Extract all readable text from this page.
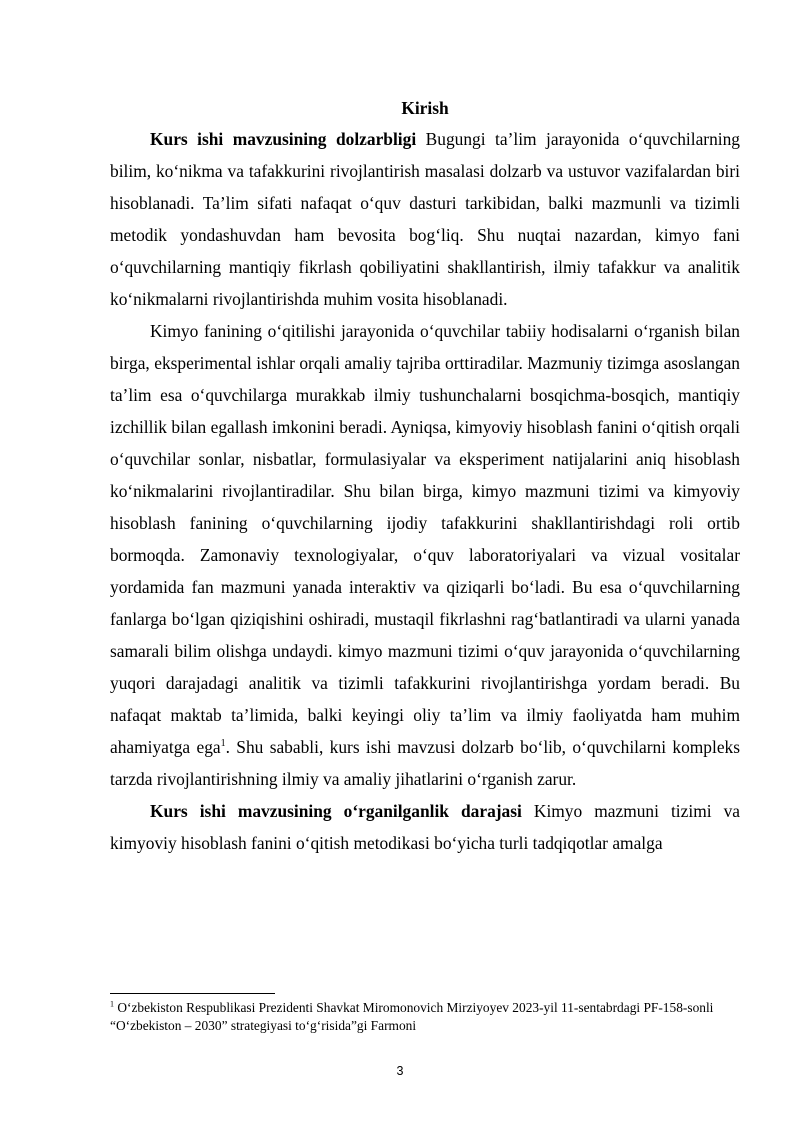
Kirish

Kurs ishi mavzusining dolzarbligi Bugungi ta’lim jarayonida o‘quvchilarning bilim, ko‘nikma va tafakkurini rivojlantirish masalasi dolzarb va ustuvor vazifalardan biri hisoblanadi. Ta’lim sifati nafaqat o‘quv dasturi tarkibidan, balki mazmunli va tizimli metodik yondashuvdan ham bevosita bog‘liq. Shu nuqtai nazardan, kimyo fani o‘quvchilarning mantiqiy fikrlash qobiliyatini shakllantirish, ilmiy tafakkur va analitik ko‘nikmalarni rivojlantirishda muhim vosita hisoblanadi.

Kimyo fanining o‘qitilishi jarayonida o‘quvchilar tabiiy hodisalarni o‘rganish bilan birga, eksperimental ishlar orqali amaliy tajriba orttiradilar. Mazmuniy tizimga asoslangan ta’lim esa o‘quvchilarga murakkab ilmiy tushunchalarni bosqichma-bosqich, mantiqiy izchillik bilan egallash imkonini beradi. Ayniqsa, kimyoviy hisoblash fanini o‘qitish orqali o‘quvchilar sonlar, nisbatlar, formulasiyalar va eksperiment natijalarini aniq hisoblash ko‘nikmalarini rivojlantiradilar. Shu bilan birga, kimyo mazmuni tizimi va kimyoviy hisoblash fanining o‘quvchilarning ijodiy tafakkurini shakllantirishdagi roli ortib bormoqda. Zamonaviy texnologiyalar, o‘quv laboratoriyalari va vizual vositalar yordamida fan mazmuni yanada interaktiv va qiziqarli bo‘ladi. Bu esa o‘quvchilarning fanlarga bo‘lgan qiziqishini oshiradi, mustaqil fikrlashni rag‘batlantiradi va ularni yanada samarali bilim olishga undaydi. kimyo mazmuni tizimi o‘quv jarayonida o‘quvchilarning yuqori darajadagi analitik va tizimli tafakkurini rivojlantirishga yordam beradi. Bu nafaqat maktab ta’limida, balki keyingi oliy ta’lim va ilmiy faoliyatda ham muhim ahamiyatga ega$^1$. Shu sababli, kurs ishi mavzusi dolzarb bo‘lib, o‘quvchilarni kompleks tarzda rivojlantirishning ilmiy va amaliy jihatlarini o‘rganish zarur.

Kurs ishi mavzusining o‘rganilganlik darajasi Kimyo mazmuni tizimi va kimyoviy hisoblash fanini o‘qitish metodikasi bo‘yicha turli tadqiqotlar amalga

$^1$ O‘zbekiston Respublikasi Prezidenti Shavkat Miromonovich Mirziyoyev 2023-yil 11-sentabrdagi PF-158-sonli “O‘zbekiston – 2030” strategiyasi to‘g‘risida”gi Farmoni

3
